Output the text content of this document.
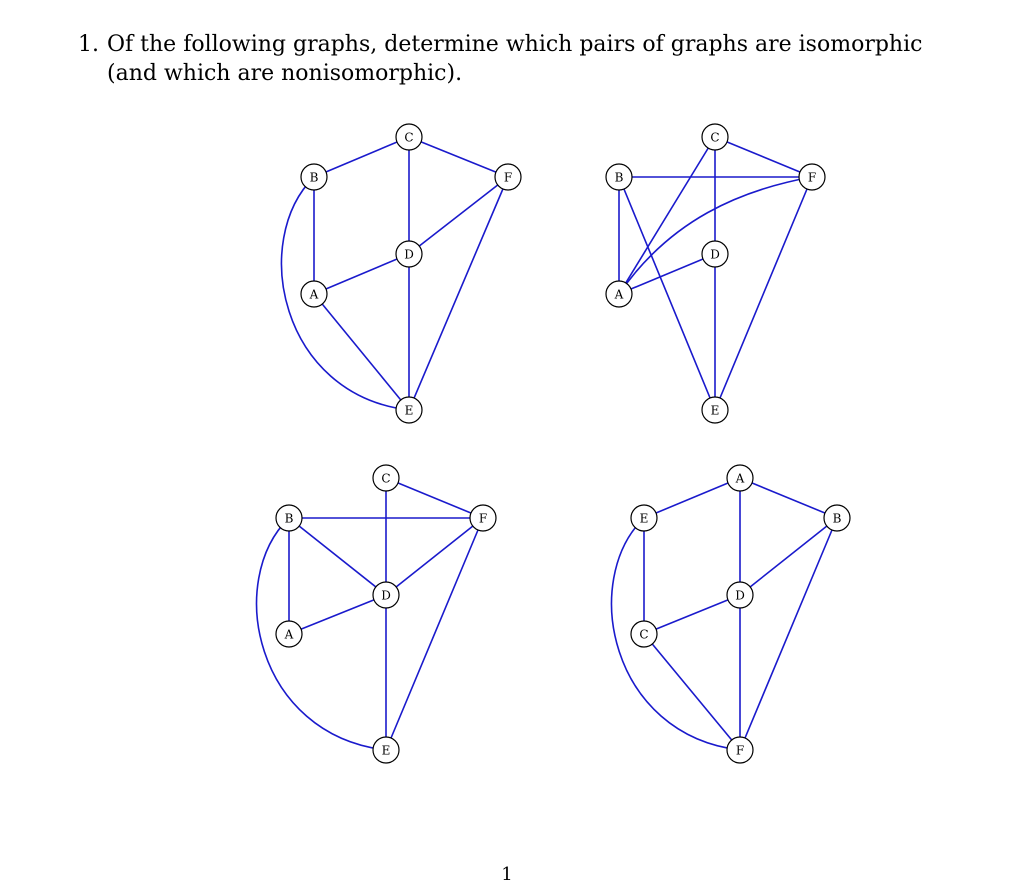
1. Of the following graphs, determine which pairs of graphs are isomorphic (and which are nonisomorphic).
C
B	F
D
A
E
C
B	F
D
A
E
C
B	F
D
A
E
A
E	B
D
C
F
1
